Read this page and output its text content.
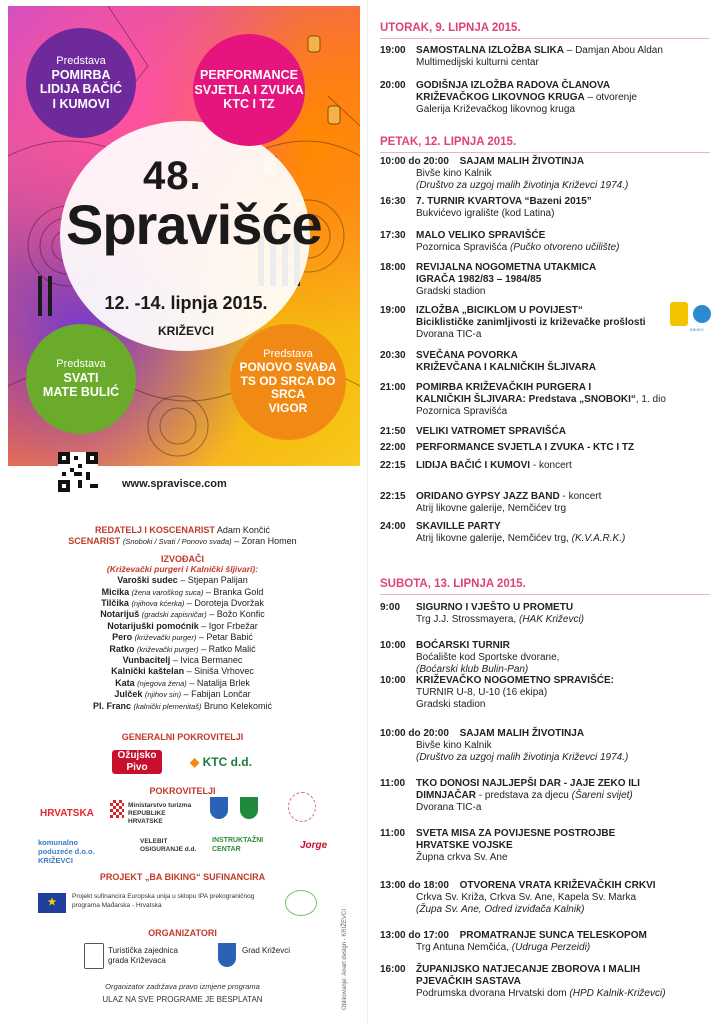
Predstava
POMIRBA
LIDIJA BAČIĆ
I KUMOVI
PERFORMANCE
SVJETLA I ZVUKA
KTC I TZ
Predstava
SVATI
MATE BULIĆ
Predstava
PONOVO SVAĐA
TS OD SRCA DO SRCA
VIGOR
48.
Spravišće
12. -14. lipnja 2015.
KRIŽEVCI
www.spravisce.com
REDATELJ I KOSCENARIST Adam Končić
SCENARIST (Snoboki / Svati / Ponovo svađa) – Zoran Homen
IZVOĐAČI
(Križevački purgeri i Kalnički šljivari):
Varoški sudec – Stjepan Palijan
Micika (žena varoškog suca) – Branka Gold
Tilčika (njihova kćerka) – Doroteja Dvoržak
Notarijuš (gradski zapisničar) – Božo Konfic
Notarijuški pomoćnik – Igor Frbežar
Pero (križevački purger) – Petar Babić
Ratko (križevački purger) – Ratko Malić
Vunbacitelj – Ivica Bermanec
Kalnički kaštelan – Siniša Vrhovec
Kata (njegova žena) – Natalija Brlek
Julček (njihov sin) – Fabijan Lončar
Pl. Franc (kalnički plemenitaš) Bruno Kelekomić
GENERALNI POKROVITELJI
Ožujsko Pivo	◆ KTC d.d.
POKROVITELJI
HRVATSKA
Ministarstvo turizma REPUBLIKE HRVATSKE
komunalno poduzeće d.o.o. KRIŽEVCI
VELEBIT OSIGURANJE d.d.
INSTRUKTAŽNI CENTAR	Jorge
PROJEKT „BA BIKING“ SUFINANCIRA
★
Projekt sufinancira Europska unija u sklopu IPA prekograničnog programa Mađarska - Hrvatska
ORGANIZATORI
Turistička zajednica grada Križevaca
Grad Križevci
Organizator zadržava pravo izmjene programa
ULAZ NA SVE PROGRAME JE BESPLATAN	Oblikovanje: Anart design - KRIŽEVCI
UTORAK, 9. LIPNJA 2015.
PETAK, 12. LIPNJA 2015.
SUBOTA, 13. LIPNJA 2015.
19:00 SAMOSTALNA IZLOŽBA SLIKA – Damjan Abou Aldan
Multimedijski kulturni centar
20:00 GODIŠNJA IZLOŽBA RADOVA ČLANOVA
KRIŽEVAČKOG LIKOVNOG KRUGA – otvorenje
Galerija Križevačkog likovnog kruga
10:00 do 20:00	SAJAM MALIH ŽIVOTINJA
Bivše kino Kalnik
(Društvo za uzgoj malih životinja Križevci 1974.)
16:30 7. TURNIR KVARTOVA “Bazeni 2015”
Bukvićevo igralište (kod Latina)
17:30 MALO VELIKO SPRAVIŠĆE
Pozornica Spravišća (Pučko otvoreno učilište)
18:00 REVIJALNA NOGOMETNA UTAKMICA
IGRAČA 1982/83 – 1984/85
Gradski stadion
19:00 IZLOŽBA „BICIKLOM U POVIJEST“
Biciklističke zanimljivosti iz križevačke prošlosti
Dvorana TIC-a
20:30 SVEČANA POVORKA
KRIŽEVČANA I KALNIČKIH ŠLJIVARA
21:00 POMIRBA KRIŽEVAČKIH PURGERA I
KALNIČKIH ŠLJIVARA: Predstava „SNOBOKI“, 1. dio
Pozornica Spravišća
21:50 VELIKI VATROMET SPRAVIŠĆA
22:00 PERFORMANCE SVJETLA I ZVUKA - KTC I TZ
22:15 LIDIJA BAČIĆ I KUMOVI - koncert
22:15 ORIDANO GYPSY JAZZ BAND - koncert
Atrij likovne galerije, Nemčićev trg
24:00 SKAVILLE PARTY
Atrij likovne galerije, Nemčićev trg, (K.V.A.R.K.)
9:00 SIGURNO I VJEŠTO U PROMETU
Trg J.J. Strossmayera, (HAK Križevci)
10:00 BOĆARSKI TURNIR
Boćalište kod Sportske dvorane,
(Boćarski klub Bulin-Pan)
10:00 KRIŽEVAČKO NOGOMETNO SPRAVIŠĆE:
TURNIR U-8, U-10 (16 ekipa)
Gradski stadion
10:00 do 20:00	SAJAM MALIH ŽIVOTINJA
Bivše kino Kalnik
(Društvo za uzgoj malih životinja Križevci 1974.)
11:00 TKO DONOSI NAJLJEPŠI DAR - JAJE ZEKO ILI
DIMNJAČAR - predstava za djecu (Šareni svijet)
Dvorana TIC-a
11:00 SVETA MISA ZA POVIJESNE POSTROJBE
HRVATSKE VOJSKE
Župna crkva Sv. Ane
13:00 do 18:00	OTVORENA VRATA KRIŽEVAČKIH CRKVI
Crkva Sv. Križa, Crkva Sv. Ane, Kapela Sv. Marka
(Župa Sv. Ane, Odred izviđača Kalnik)
13:00 do 17:00	PROMATRANJE SUNCA TELESKOPOM
Trg Antuna Nemčića, (Udruga Perzeidi)
16:00 ŽUPANIJSKO NATJECANJE ZBOROVA I MALIH
PJEVAČKIH SASTAVA
Podrumska dvorana Hrvatski dom (HPD Kalnik-Križevci)
BIKING
